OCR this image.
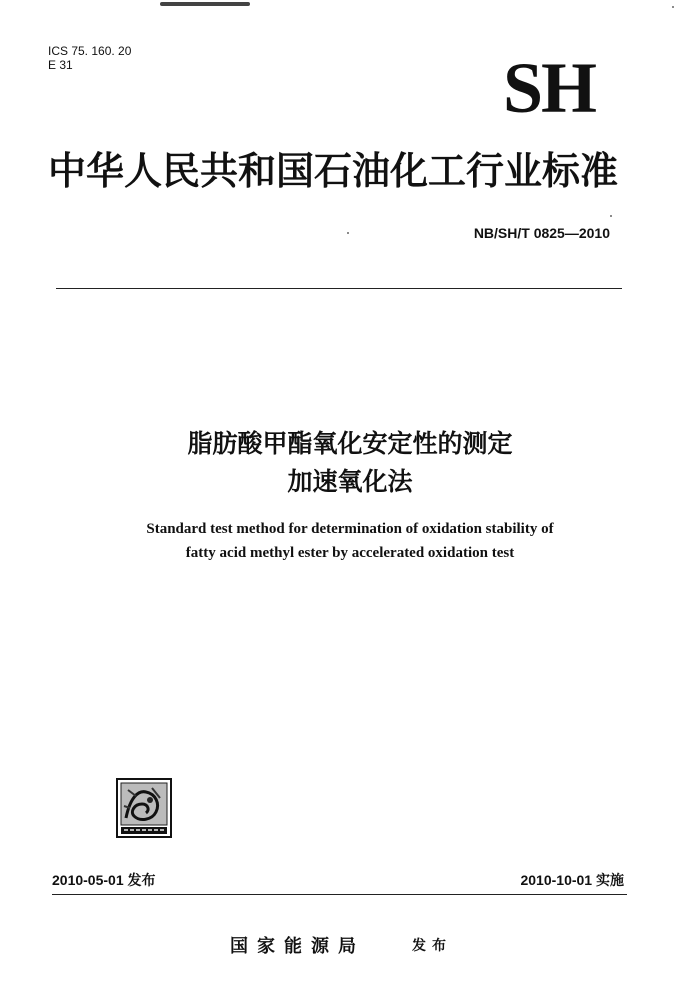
ICS 75. 160. 20
E 31	SH
中华人民共和国石油化工行业标准
NB/SH/T 0825—2010
脂肪酸甲酯氧化安定性的测定
加速氧化法
Standard test method for determination of oxidation stability of
fatty acid methyl ester by accelerated oxidation test
2010-05-01 发布	2010-10-01 实施
国家能源局	发布
